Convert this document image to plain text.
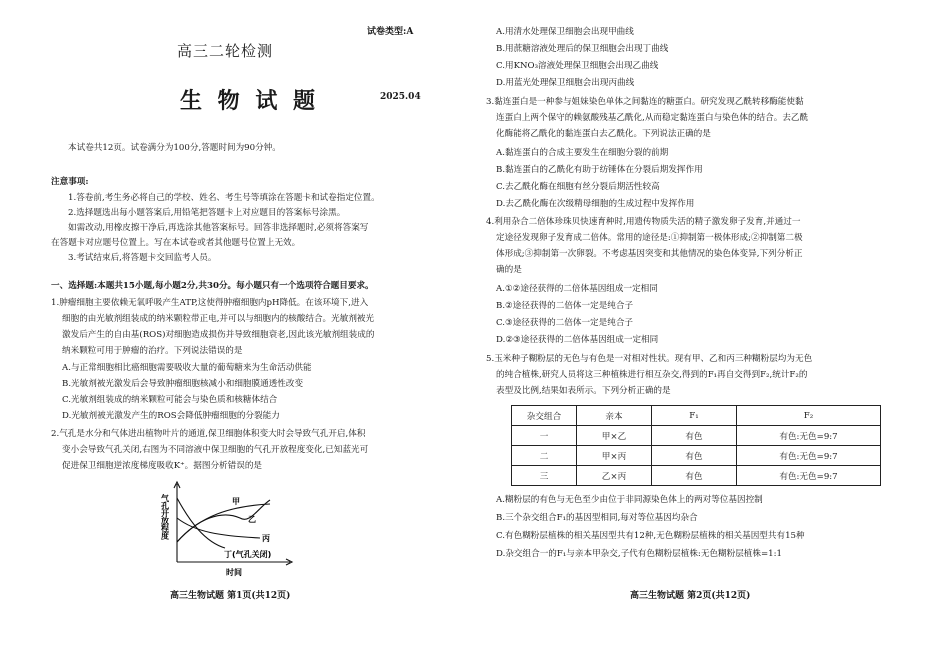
试卷类型:A
高三二轮检测
生 物 试 题	2025.04
本试卷共12页。试卷满分为100分,答题时间为90分钟。
注意事项:
1.答卷前,考生务必将自己的学校、姓名、考生号等填涂在答题卡和试卷指定位置。
2.选择题选出每小题答案后,用铅笔把答题卡上对应题目的答案标号涂黑。
如需改动,用橡皮擦干净后,再选涂其他答案标号。回答非选择题时,必须将答案写
在答题卡对应题号位置上。写在本试卷或者其他题号位置上无效。
3.考试结束后,将答题卡交回监考人员。
一、选择题:本题共15小题,每小题2分,共30分。每小题只有一个选项符合题目要求。
1.肿瘤细胞主要依赖无氧呼吸产生ATP,这使得肿瘤细胞内pH降低。在该环境下,进入
细胞的由光敏剂组装成的纳米颗粒带正电,并可以与细胞内的核酸结合。光敏剂被光
激发后产生的自由基(ROS)对细胞造成损伤并导致细胞衰老,因此该光敏剂组装成的
纳米颗粒可用于肿瘤的治疗。下列说法错误的是
A.与正常细胞相比癌细胞需要吸收大量的葡萄糖来为生命活动供能
B.光敏剂被光激发后会导致肿瘤细胞核减小和细胞膜通透性改变
C.光敏剂组装成的纳米颗粒可能会与染色质和核糖体结合
D.光敏剂被光激发产生的ROS会降低肿瘤细胞的分裂能力
2.气孔是水分和气体进出植物叶片的通道,保卫细胞体积变大时会导致气孔开启,体积
变小会导致气孔关闭,右图为不同溶液中保卫细胞的气孔开放程度变化,已知蓝光可
促进保卫细胞逆浓度梯度吸收K⁺。据图分析错误的是
气孔开放程度	甲
乙
丙
丁(气孔关闭)
时间
高三生物试题 第1页(共12页)
A.用清水处理保卫细胞会出现甲曲线
B.用蔗糖溶液处理后的保卫细胞会出现丁曲线
C.用KNO₃溶液处理保卫细胞会出现乙曲线
D.用蓝光处理保卫细胞会出现丙曲线
3.黏连蛋白是一种参与姐妹染色单体之间黏连的糖蛋白。研究发现乙酰转移酶能使黏
连蛋白上两个保守的赖氨酸残基乙酰化,从而稳定黏连蛋白与染色体的结合。去乙酰
化酶能将乙酰化的黏连蛋白去乙酰化。下列说法正确的是
A.黏连蛋白的合成主要发生在细胞分裂的前期
B.黏连蛋白的乙酰化有助于纺锤体在分裂后期发挥作用
C.去乙酰化酶在细胞有丝分裂后期活性较高
D.去乙酰化酶在次级精母细胞的生成过程中发挥作用
4.利用杂合二倍体珍珠贝快速育种时,用遗传物质失活的精子激发卵子发育,并通过一
定途径发现卵子发育成二倍体。常用的途径是:①抑制第一极体形成;②抑制第二极
体形成;③抑制第一次卵裂。不考虑基因突变和其他情况的染色体变异,下列分析正
确的是
A.①②途径获得的二倍体基因组成一定相同
B.②途径获得的二倍体一定是纯合子
C.③途径获得的二倍体一定是纯合子
D.②③途径获得的二倍体基因组成一定相同
5.玉米种子糊粉层的无色与有色是一对相对性状。现有甲、乙和丙三种糊粉层均为无色
的纯合植株,研究人员将这三种植株进行相互杂交,得到的F₁再自交得到F₂,统计F₂的
表型及比例,结果如表所示。下列分析正确的是
杂交组合	亲本	F₁	F₂
一	甲×乙	有色	有色:无色=9:7
二	甲×丙	有色	有色:无色=9:7
三	乙×丙	有色	有色:无色=9:7
A.糊粉层的有色与无色至少由位于非同源染色体上的两对等位基因控制
B.三个杂交组合F₁的基因型相同,每对等位基因均杂合
C.有色糊粉层植株的相关基因型共有12种,无色糊粉层植株的相关基因型共有15种
D.杂交组合一的F₁与亲本甲杂交,子代有色糊粉层植株:无色糊粉层植株=1:1
高三生物试题 第2页(共12页)
